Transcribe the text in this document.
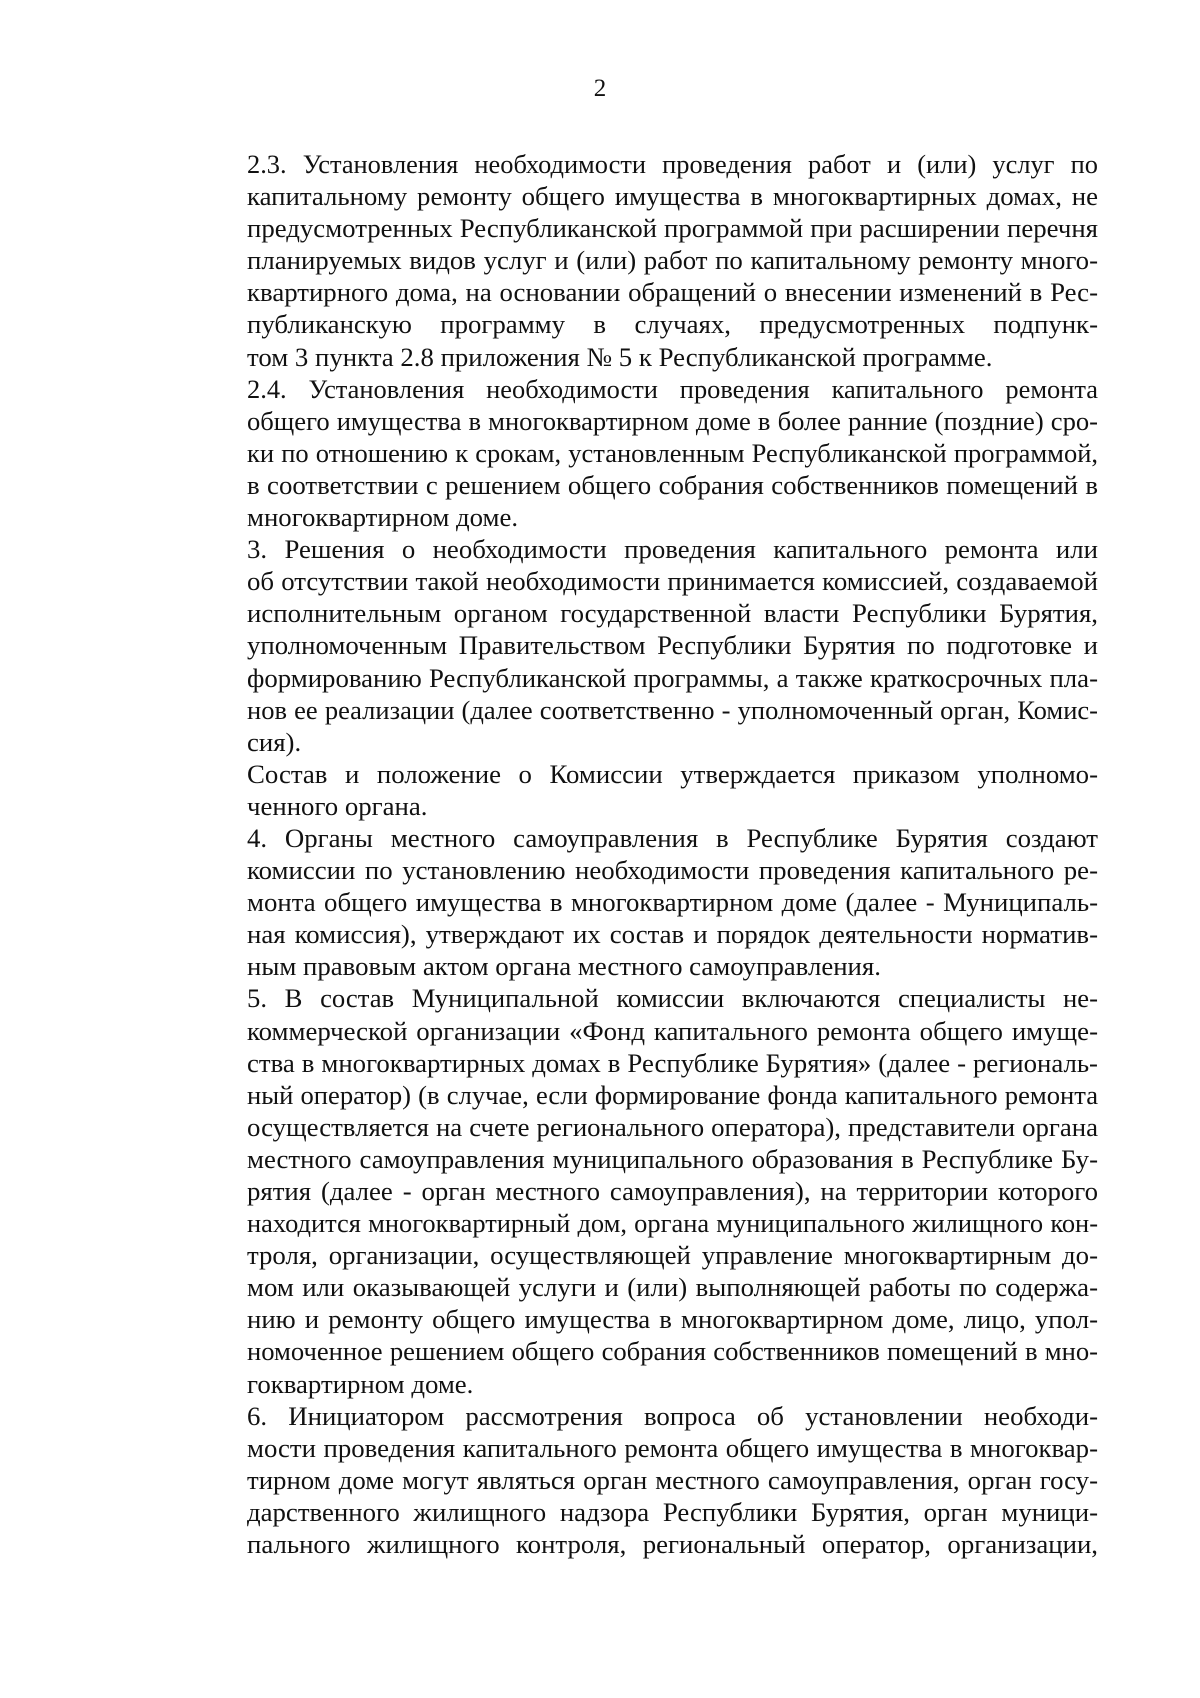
2

2.3. Установления необходимости проведения работ и (или) услуг по
капитальному ремонту общего имущества в многоквартирных домах, не
предусмотренных Республиканской программой при расширении перечня
планируемых видов услуг и (или) работ по капитальному ремонту много-
квартирного дома, на основании обращений о внесении изменений в Рес-
публиканскую программу в случаях, предусмотренных подпунк-
том 3 пункта 2.8 приложения № 5 к Республиканской программе.

2.4. Установления необходимости проведения капитального ремонта
общего имущества в многоквартирном доме в более ранние (поздние) сро-
ки по отношению к срокам, установленным Республиканской программой,
в соответствии с решением общего собрания собственников помещений в
многоквартирном доме.

3. Решения о необходимости проведения капитального ремонта или
об отсутствии такой необходимости принимается комиссией, создаваемой
исполнительным органом государственной власти Республики Бурятия,
уполномоченным Правительством Республики Бурятия по подготовке и
формированию Республиканской программы, а также краткосрочных пла-
нов ее реализации (далее соответственно - уполномоченный орган, Комис-
сия).

Состав и положение о Комиссии утверждается приказом уполномо-
ченного органа.

4. Органы местного самоуправления в Республике Бурятия создают
комиссии по установлению необходимости проведения капитального ре-
монта общего имущества в многоквартирном доме (далее - Муниципаль-
ная комиссия), утверждают их состав и порядок деятельности норматив-
ным правовым актом органа местного самоуправления.

5. В состав Муниципальной комиссии включаются специалисты не-
коммерческой организации «Фонд капитального ремонта общего имуще-
ства в многоквартирных домах в Республике Бурятия» (далее - региональ-
ный оператор) (в случае, если формирование фонда капитального ремонта
осуществляется на счете регионального оператора), представители органа
местного самоуправления муниципального образования в Республике Бу-
рятия (далее - орган местного самоуправления), на территории которого
находится многоквартирный дом, органа муниципального жилищного кон-
троля, организации, осуществляющей управление многоквартирным до-
мом или оказывающей услуги и (или) выполняющей работы по содержа-
нию и ремонту общего имущества в многоквартирном доме, лицо, упол-
номоченное решением общего собрания собственников помещений в мно-
гоквартирном доме.

6. Инициатором рассмотрения вопроса об установлении необходи-
мости проведения капитального ремонта общего имущества в многоквар-
тирном доме могут являться орган местного самоуправления, орган госу-
дарственного жилищного надзора Республики Бурятия, орган муници-
пального жилищного контроля, региональный оператор, организации,
